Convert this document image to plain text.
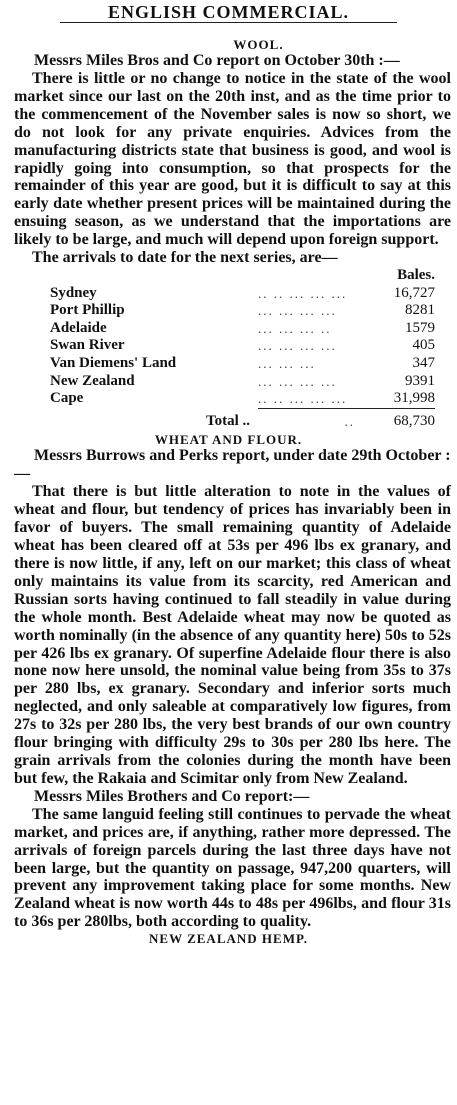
ENGLISH COMMERCIAL.
WOOL.

Messrs Miles Bros and Co report on October 30th :—

There is little or no change to notice in the state of the wool market since our last on the 20th inst, and as the time prior to the commencement of the November sales is now so short, we do not look for any private enquiries. Advices from the manufacturing districts state that business is good, and wool is rapidly going into consumption, so that prospects for the remainder of this year are good, but it is difficult to say at this early date whether present prices will be maintained during the ensuing season, as we understand that the importations are likely to be large, and much will depend upon foreign support.

The arrivals to date for the next series, are—

		Bales.
Sydney	.. .. ... ... ...	16,727
Port Phillip	... ... ... ...	8281
Adelaide	... ... ... ..	1579
Swan River	... ... ... ...	405
Van Diemens' Land	... ... ...	347
New Zealand	... ... ... ...	9391
Cape	.. .. ... ... ...	31,998
Total ..	..	68,730
WHEAT AND FLOUR.

Messrs Burrows and Perks report, under date 29th October :—

That there is but little alteration to note in the values of wheat and flour, but tendency of prices has invariably been in favor of buyers. The small remaining quantity of Adelaide wheat has been cleared off at 53s per 496 lbs ex granary, and there is now little, if any, left on our market; this class of wheat only maintains its value from its scarcity, red American and Russian sorts having continued to fall steadily in value during the whole month. Best Adelaide wheat may now be quoted as worth nominally (in the absence of any quantity here) 50s to 52s per 426 lbs ex granary. Of superfine Adelaide flour there is also none now here unsold, the nominal value being from 35s to 37s per 280 lbs, ex granary. Secondary and inferior sorts much neglected, and only saleable at comparatively low figures, from 27s to 32s per 280 lbs, the very best brands of our own country flour bringing with difficulty 29s to 30s per 280 lbs here. The grain arrivals from the colonies during the month have been but few, the Rakaia and Scimitar only from New Zealand.

Messrs Miles Brothers and Co report:—

The same languid feeling still continues to pervade the wheat market, and prices are, if anything, rather more depressed. The arrivals of foreign parcels during the last three days have not been large, but the quantity on passage, 947,200 quarters, will prevent any improvement taking place for some months. New Zealand wheat is now worth 44s to 48s per 496lbs, and flour 31s to 36s per 280lbs, both according to quality.

NEW ZEALAND HEMP.
